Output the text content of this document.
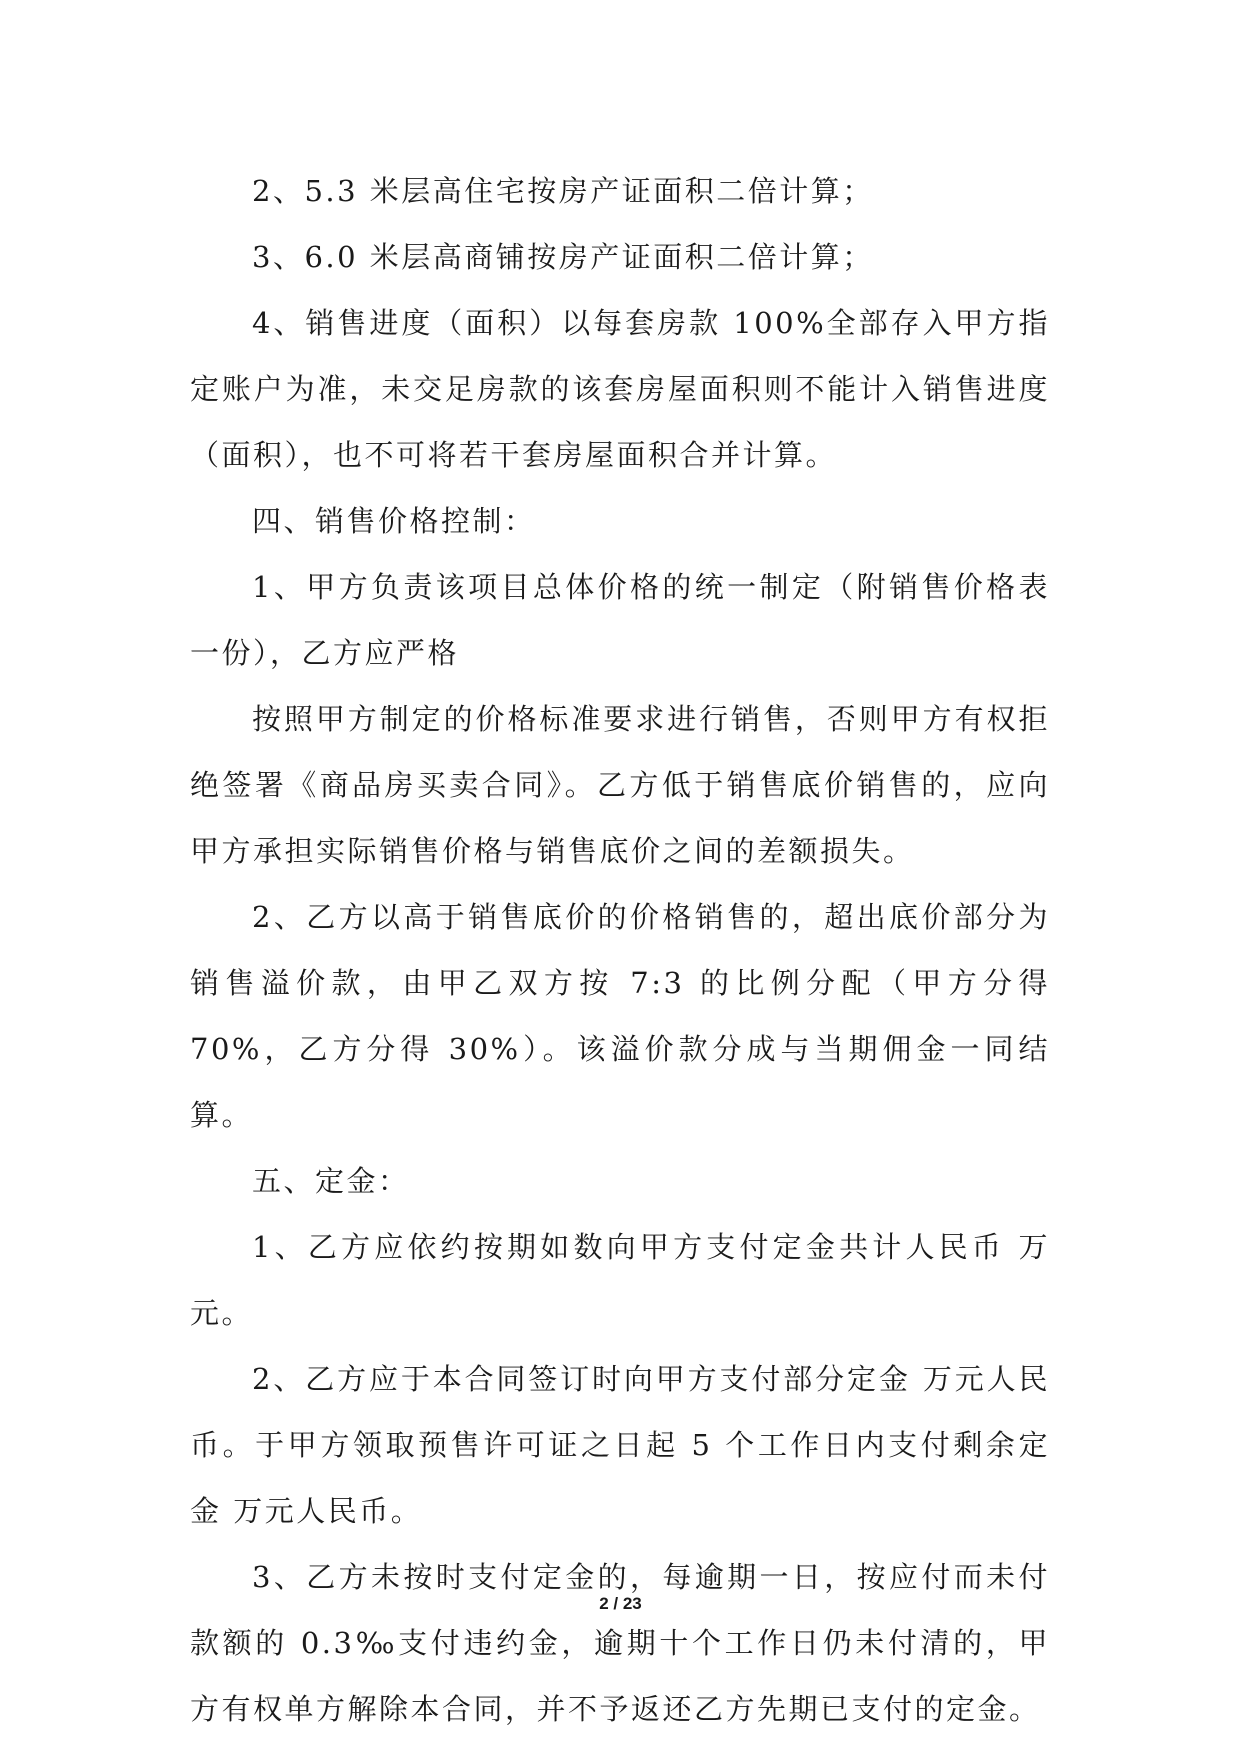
2、5.3 米层高住宅按房产证面积二倍计算；

3、6.0 米层高商铺按房产证面积二倍计算；

4、销售进度（面积）以每套房款 100%全部存入甲方指定账户为准，未交足房款的该套房屋面积则不能计入销售进度（面积），也不可将若干套房屋面积合并计算。

四、销售价格控制：

1、甲方负责该项目总体价格的统一制定（附销售价格表一份），乙方应严格

按照甲方制定的价格标准要求进行销售，否则甲方有权拒绝签署《商品房买卖合同》。乙方低于销售底价销售的，应向甲方承担实际销售价格与销售底价之间的差额损失。

2、乙方以高于销售底价的价格销售的，超出底价部分为销售溢价款，由甲乙双方按 7:3 的比例分配（甲方分得 70%，乙方分得 30%）。该溢价款分成与当期佣金一同结算。

五、定金：

1、乙方应依约按期如数向甲方支付定金共计人民币 万元。

2、乙方应于本合同签订时向甲方支付部分定金 万元人民币。于甲方领取预售许可证之日起 5 个工作日内支付剩余定金 万元人民币。

3、乙方未按时支付定金的，每逾期一日，按应付而未付款额的 0.3‰支付违约金，逾期十个工作日仍未付清的，甲方有权单方解除本合同，并不予返还乙方先期已支付的定金。

2 / 23
